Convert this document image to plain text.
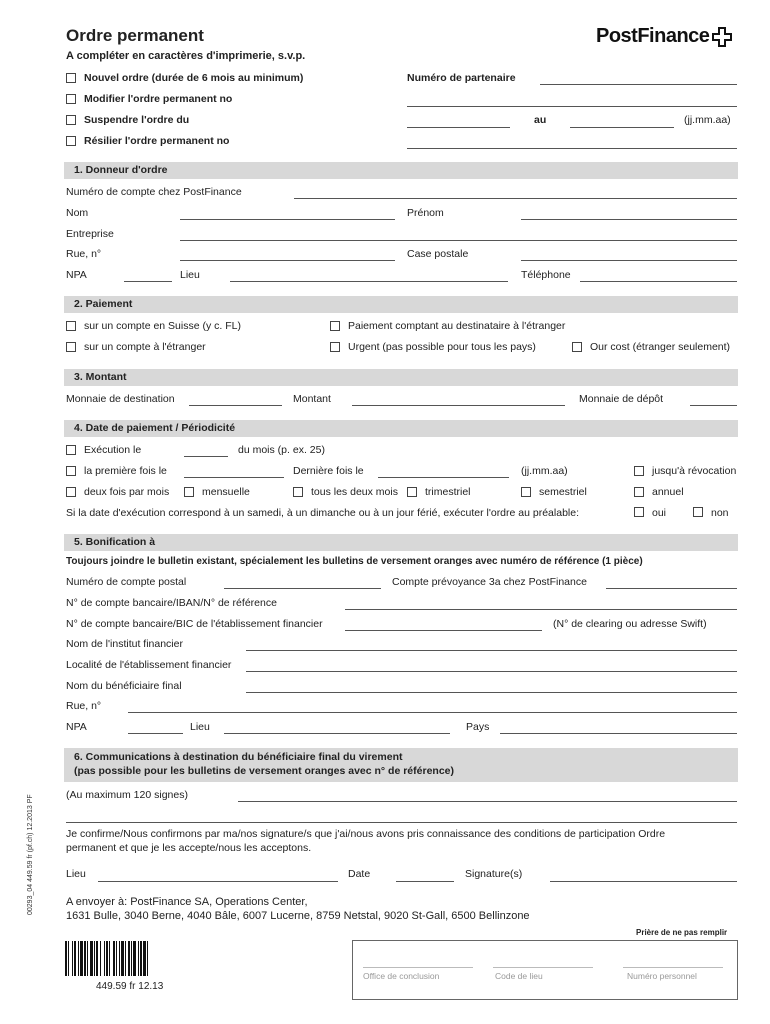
Ordre permanent
A compléter en caractères d'imprimerie, s.v.p.
PostFinance
Nouvel ordre (durée de 6 mois au minimum)
Modifier l'ordre permanent no
Suspendre l'ordre du
Résilier l'ordre permanent no
Numéro de partenaire
au	(jj.mm.aa)
1. Donneur d'ordre
Numéro de compte chez PostFinance
Nom	Prénom
Entreprise
Rue, n°	Case postale
NPA	Lieu	Téléphone
2. Paiement
sur un compte en Suisse (y c. FL)	Paiement comptant au destinataire à l'étranger
sur un compte à l'étranger	Urgent (pas possible pour tous les pays)	Our cost (étranger seulement)
3. Montant
Monnaie de destination	Montant	Monnaie de dépôt
4. Date de paiement / Périodicité
Exécution le	du mois (p. ex. 25)
la première fois le	Dernière fois le	(jj.mm.aa)	jusqu'à révocation
deux fois par mois	mensuelle	tous les deux mois	trimestriel	semestriel	annuel
Si la date d'exécution correspond à un samedi, à un dimanche ou à un jour férié, exécuter l'ordre au préalable:	oui	non
5. Bonification à
Toujours joindre le bulletin existant, spécialement les bulletins de versement oranges avec numéro de référence (1 pièce)
Numéro de compte postal	Compte prévoyance 3a chez PostFinance
N° de compte bancaire/IBAN/N° de référence
N° de compte bancaire/BIC de l'établissement financier	(N° de clearing ou adresse Swift)
Nom de l'institut financier
Localité de l'établissement financier
Nom du bénéficiaire final
Rue, n°
NPA	Lieu	Pays
6. Communications à destination du bénéficiaire final du virement
(pas possible pour les bulletins de versement oranges avec n° de référence)
(Au maximum 120 signes)
Je confirme/Nous confirmons par ma/nos signature/s que j'ai/nous avons pris connaissance des conditions de participation Ordre
permanent et que je les accepte/nous les acceptons.
Lieu	Date	Signature(s)
A envoyer à: PostFinance SA, Operations Center,
1631 Bulle, 3040 Berne, 4040 Bâle, 6007 Lucerne, 8759 Netstal, 9020 St-Gall, 6500 Bellinzone
Prière de ne pas remplir
Office de conclusion	Code de lieu	Numéro personnel
449.59 fr 12.13
00293_04 449.59 fr (pf.ch) 12.2013 PF
